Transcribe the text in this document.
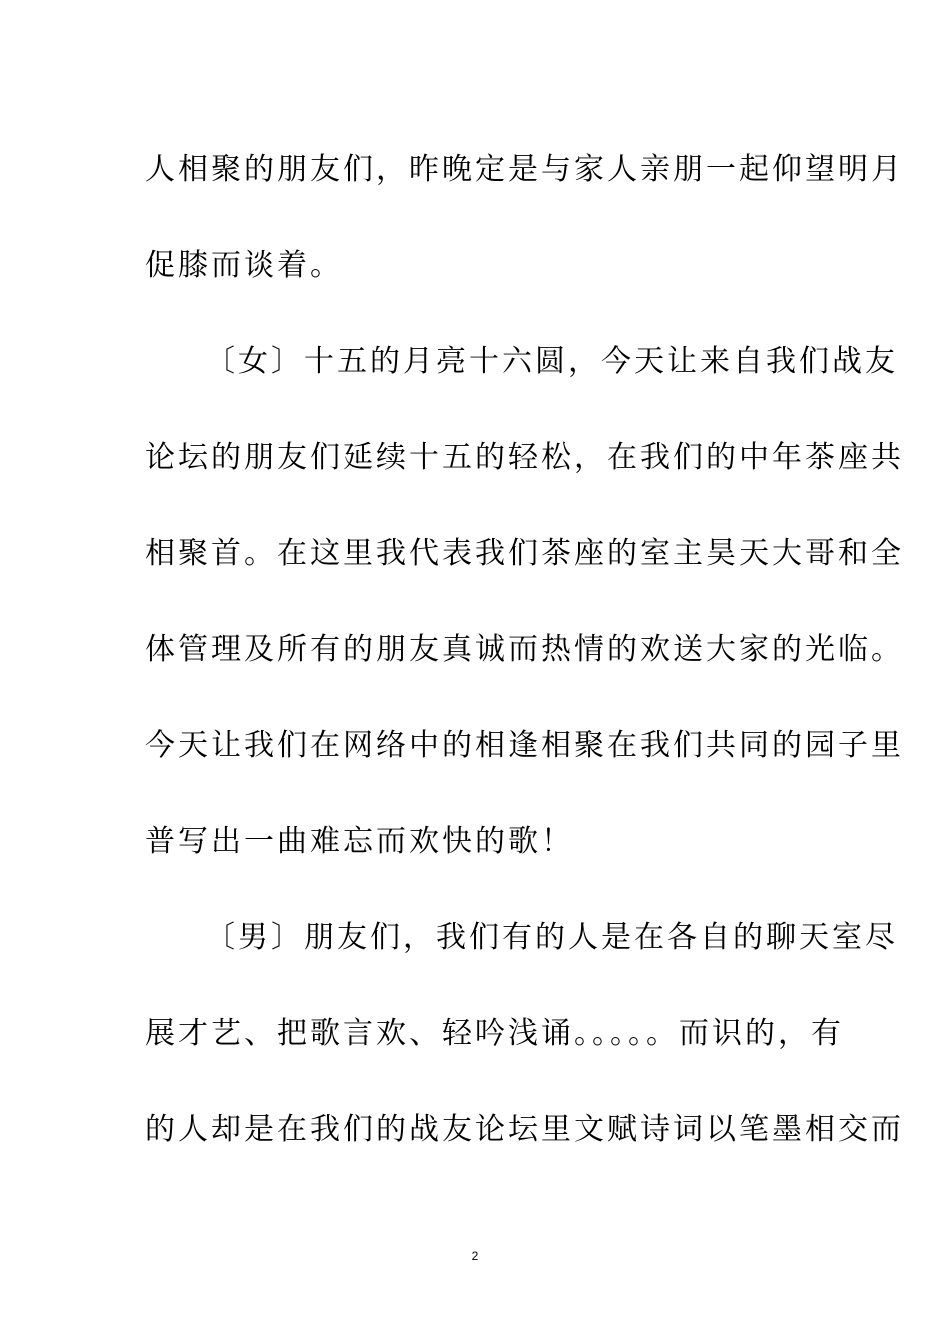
人相聚的朋友们，昨晚定是与家人亲朋一起仰望明月

促膝而谈着。

〔女〕十五的月亮十六圆，今天让来自我们战友

论坛的朋友们延续十五的轻松，在我们的中年茶座共

相聚首。在这里我代表我们茶座的室主昊天大哥和全

体管理及所有的朋友真诚而热情的欢送大家的光临。

今天让我们在网络中的相逢相聚在我们共同的园子里

普写出一曲难忘而欢快的歌！

〔男〕朋友们，我们有的人是在各自的聊天室尽

展才艺、把歌言欢、轻吟浅诵。。。。。而识的，有

的人却是在我们的战友论坛里文赋诗词以笔墨相交而

2
